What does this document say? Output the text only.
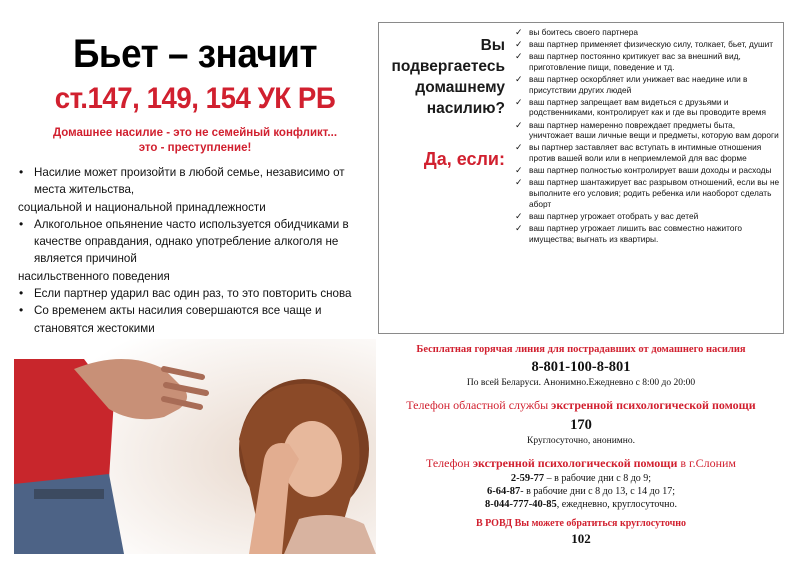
Бьет – значит
ст.147, 149, 154 УК РБ
Домашнее насилие - это не семейный конфликт...
это - преступление!
• Насилие может произойти в любой семье, независимо от места жительства,
социальной и национальной принадлежности
• Алкогольное опьянение часто используется обидчиками в качестве оправдания, однако употребление алкоголя не является причиной
насильственного поведения
• Если партнер ударил вас один раз, то это повторить снова
• Со временем акты насилия совершаются все чаще и становятся жестокими
Вы подвергаетесь домашнему насилию?
Да, если:
✓ вы боитесь своего партнера
✓ ваш партнер применяет физическую силу, толкает, бьет, душит
✓ ваш партнер постоянно критикует вас за внешний вид, приготовление пищи, поведение и тд.
✓ ваш партнер оскорбляет или унижает вас наедине или в присутствии других людей
✓ ваш партнер запрещает вам видеться с друзьями и родственниками, контролирует как и где вы проводите время
✓ ваш партнер намеренно повреждает предметы быта, уничтожает ваши личные вещи и предметы, которую вам дороги
✓ вы партнер заставляет вас вступать в интимные отношения против вашей воли или в неприемлемой для вас форме
✓ ваш партнер полностью контролирует ваши доходы и расходы
✓ ваш партнер шантажирует вас разрывом отношений, если вы не выполните его условия; родить ребенка или наоборот сделать аборт
✓ ваш партнер угрожает отобрать у вас детей
✓ ваш партнер угрожает лишить вас совместно нажитого имущества; выгнать из квартиры.
Бесплатная горячая линия для пострадавших от домашнего насилия
8-801-100-8-801
По всей Беларуси. Анонимно.Ежедневно с 8:00 до 20:00
Телефон областной службы экстренной психологической помощи
170
Круглосуточно, анонимно.
Телефон экстренной психологической помощи в г.Слоним
2-59-77 – в рабочие дни с 8 до 9;
6-64-87- в рабочие дни с 8 до 13, с 14 до 17;
8-044-777-40-85, ежедневно, круглосуточно.
В РОВД Вы можете обратиться круглосуточно
102
